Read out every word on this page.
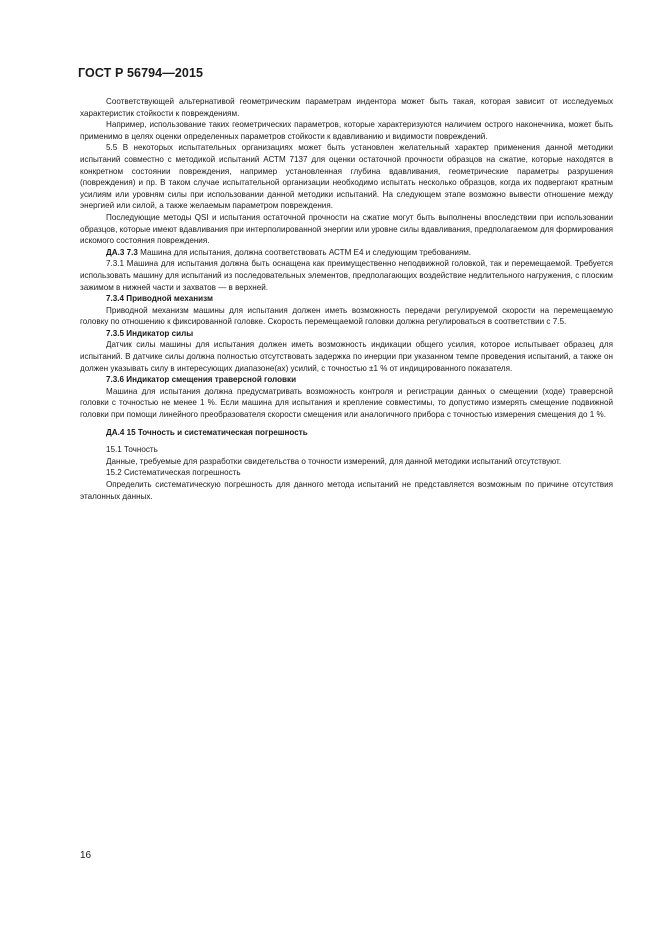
ГОСТ Р 56794—2015

Соответствующей альтернативой геометрическим параметрам индентора может быть такая, которая зависит от исследуемых характеристик стойкости к повреждениям.

Например, использование таких геометрических параметров, которые характеризуются наличием острого наконечника, может быть применимо в целях оценки определенных параметров стойкости к вдавливанию и видимости повреждений.

5.5 В некоторых испытательных организациях может быть установлен желательный характер применения данной методики испытаний совместно с методикой испытаний АСТМ 7137 для оценки остаточной прочности образцов на сжатие, которые находятся в конкретном состоянии повреждения, например установленная глубина вдавливания, геометрические параметры разрушения (повреждения) и пр. В таком случае испытательной организации необходимо испытать несколько образцов, когда их подвергают кратным усилиям или уровням силы при использовании данной методики испытаний. На следующем этапе возможно вывести отношение между энергией или силой, а также желаемым параметром повреждения.

Последующие методы QSI и испытания остаточной прочности на сжатие могут быть выполнены впоследствии при использовании образцов, которые имеют вдавливания при интерполированной энергии или уровне силы вдавливания, предполагаемом для формирования искомого состояния повреждения.

ДА.3 7.3 Машина для испытания, должна соответствовать АСТМ Е4 и следующим требованиям.

7.3.1 Машина для испытания должна быть оснащена как преимущественно неподвижной головкой, так и перемещаемой. Требуется использовать машину для испытаний из последовательных элементов, предполагающих воздействие недлительного нагружения, с плоским зажимом в нижней части и захватов — в верхней.

7.3.4 Приводной механизм

Приводной механизм машины для испытания должен иметь возможность передачи регулируемой скорости на перемещаемую головку по отношению к фиксированной головке. Скорость перемещаемой головки должна регулироваться в соответствии с 7.5.

7.3.5 Индикатор силы

Датчик силы машины для испытания должен иметь возможность индикации общего усилия, которое испытывает образец для испытаний. В датчике силы должна полностью отсутствовать задержка по инерции при указанном темпе проведения испытаний, а также он должен указывать силу в интересующих диапазоне(ах) усилий, с точностью ±1 % от индицированного показателя.

7.3.6 Индикатор смещения траверсной головки

Машина для испытания должна предусматривать возможность контроля и регистрации данных о смещении (ходе) траверсной головки с точностью не менее 1 %. Если машина для испытания и крепление совместимы, то допустимо измерять смещение подвижной головки при помощи линейного преобразователя скорости смещения или аналогичного прибора с точностью измерения смещения до 1 %.

ДА.4 15 Точность и систематическая погрешность

15.1 Точность

Данные, требуемые для разработки свидетельства о точности измерений, для данной методики испытаний отсутствуют.

15.2 Систематическая погрешность

Определить систематическую погрешность для данного метода испытаний не представляется возможным по причине отсутствия эталонных данных.

16
